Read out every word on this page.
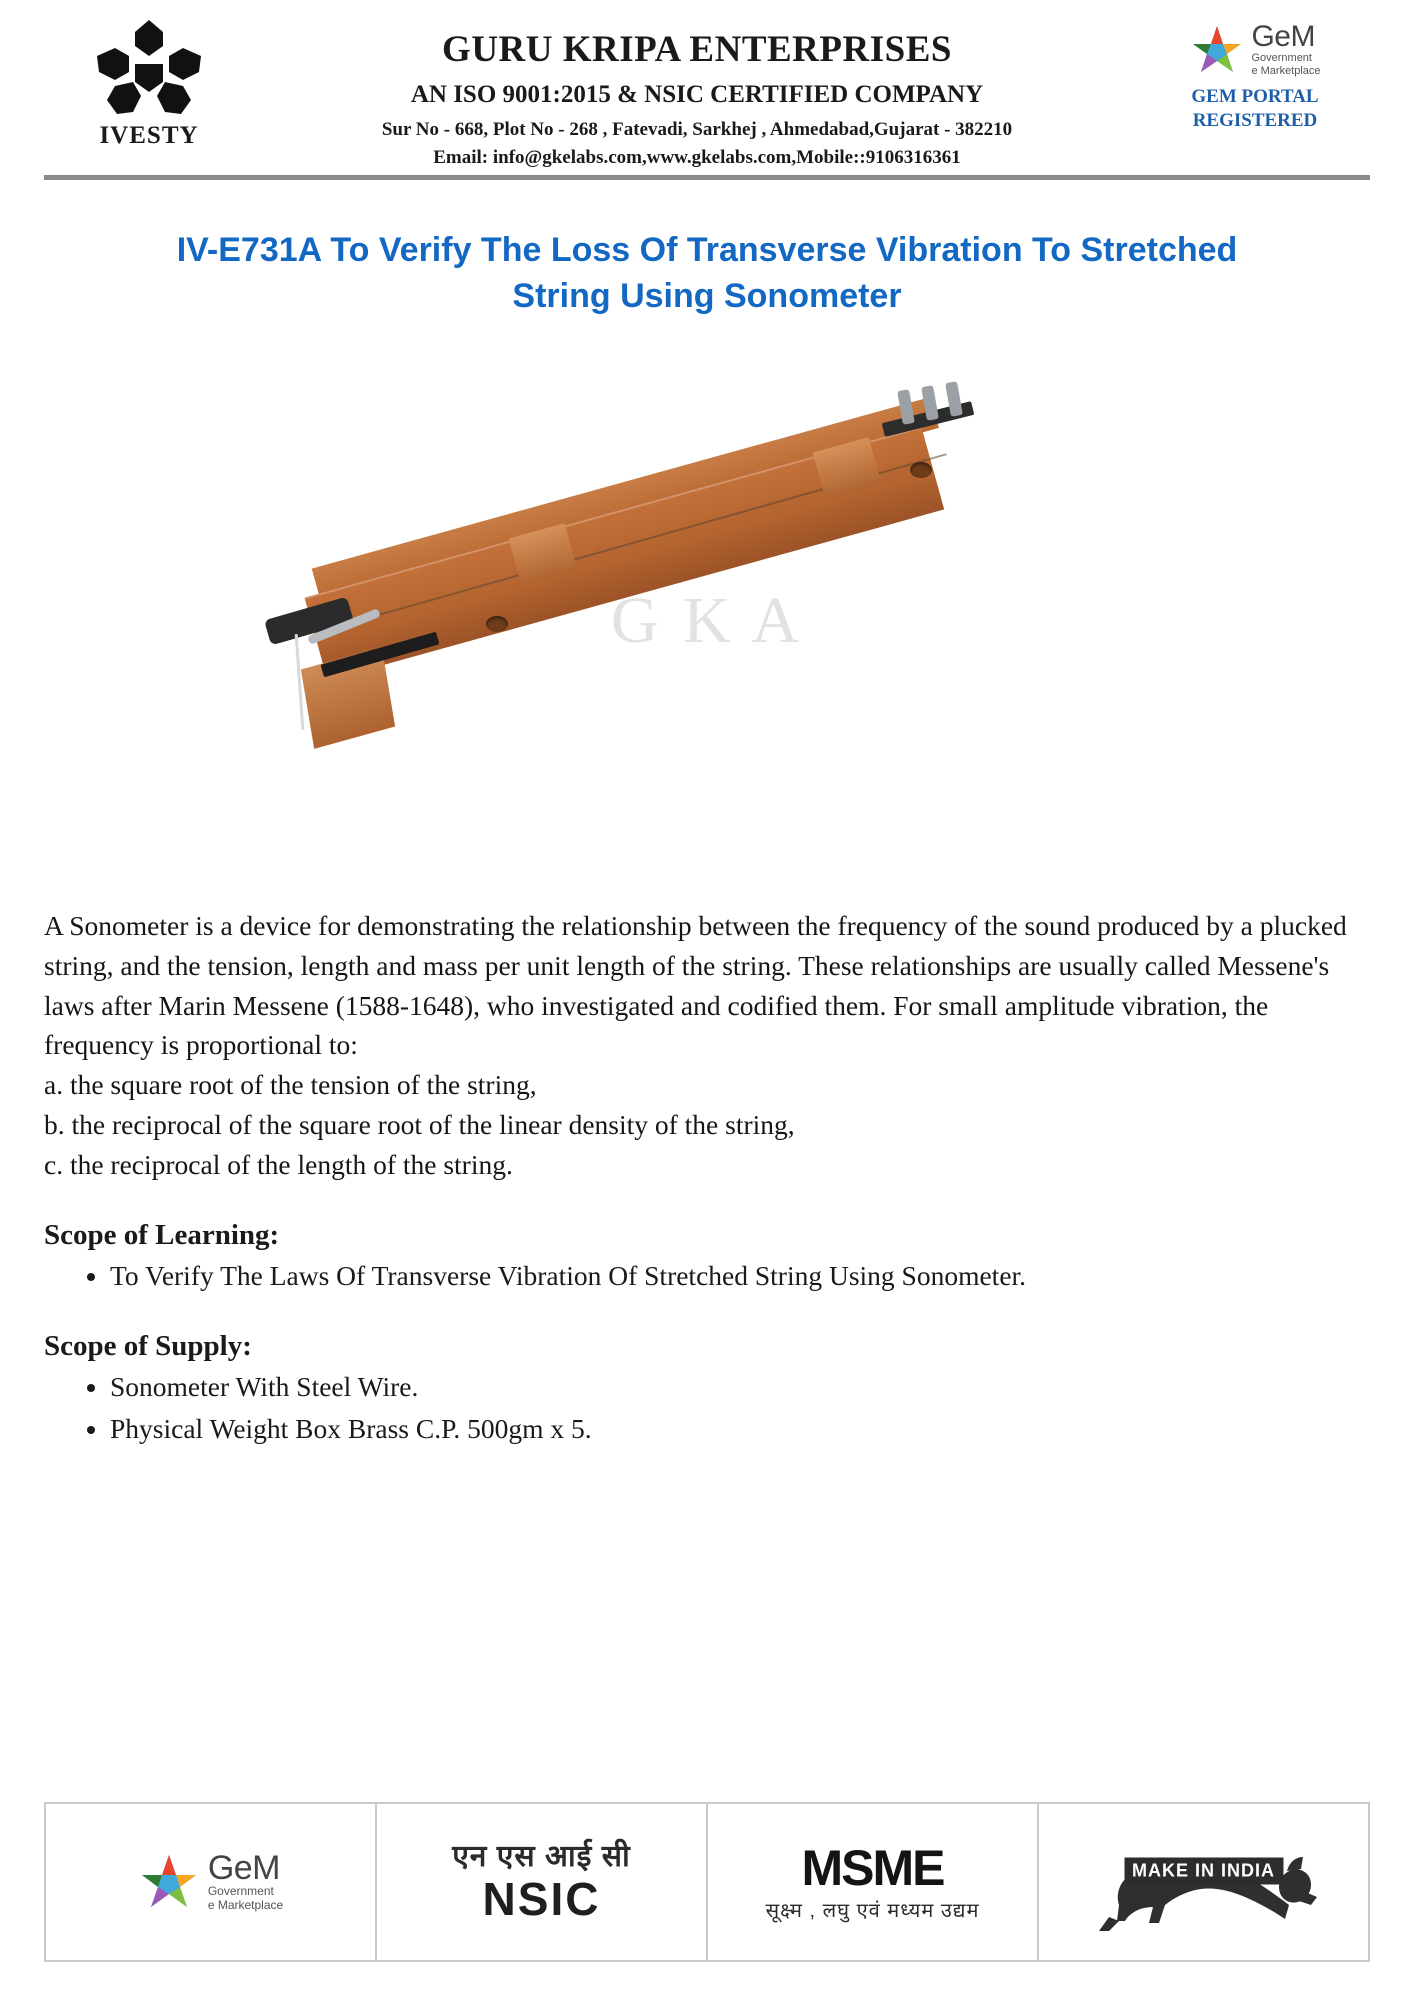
IVESTY
GURU KRIPA ENTERPRISES
AN ISO 9001:2015 & NSIC CERTIFIED COMPANY
Sur No - 668, Plot No - 268 , Fatevadi, Sarkhej , Ahmedabad,Gujarat - 382210
Email: info@gkelabs.com,www.gkelabs.com,Mobile::9106316361
GeM
Government
e Marketplace
GEM PORTAL
REGISTERED
IV-E731A To Verify The Loss Of Transverse Vibration To Stretched String Using Sonometer
G K A

A Sonometer is a device for demonstrating the relationship between the frequency of the sound produced by a plucked string, and the tension, length and mass per unit length of the string. These relationships are usually called Messene's laws after Marin Messene (1588-1648), who investigated and codified them. For small amplitude vibration, the frequency is proportional to:

a. the square root of the tension of the string,

b. the reciprocal of the square root of the linear density of the string,

c. the reciprocal of the length of the string.

Scope of Learning:
• To Verify The Laws Of Transverse Vibration Of Stretched String Using Sonometer.
Scope of Supply:
• Sonometer With Steel Wire.
• Physical Weight Box Brass C.P. 500gm x 5.
GeM
Government
e Marketplace
एन एस आई सी
NSIC
MSME
सूक्ष्म , लघु एवं मध्यम उद्यम
MAKE IN INDIA
